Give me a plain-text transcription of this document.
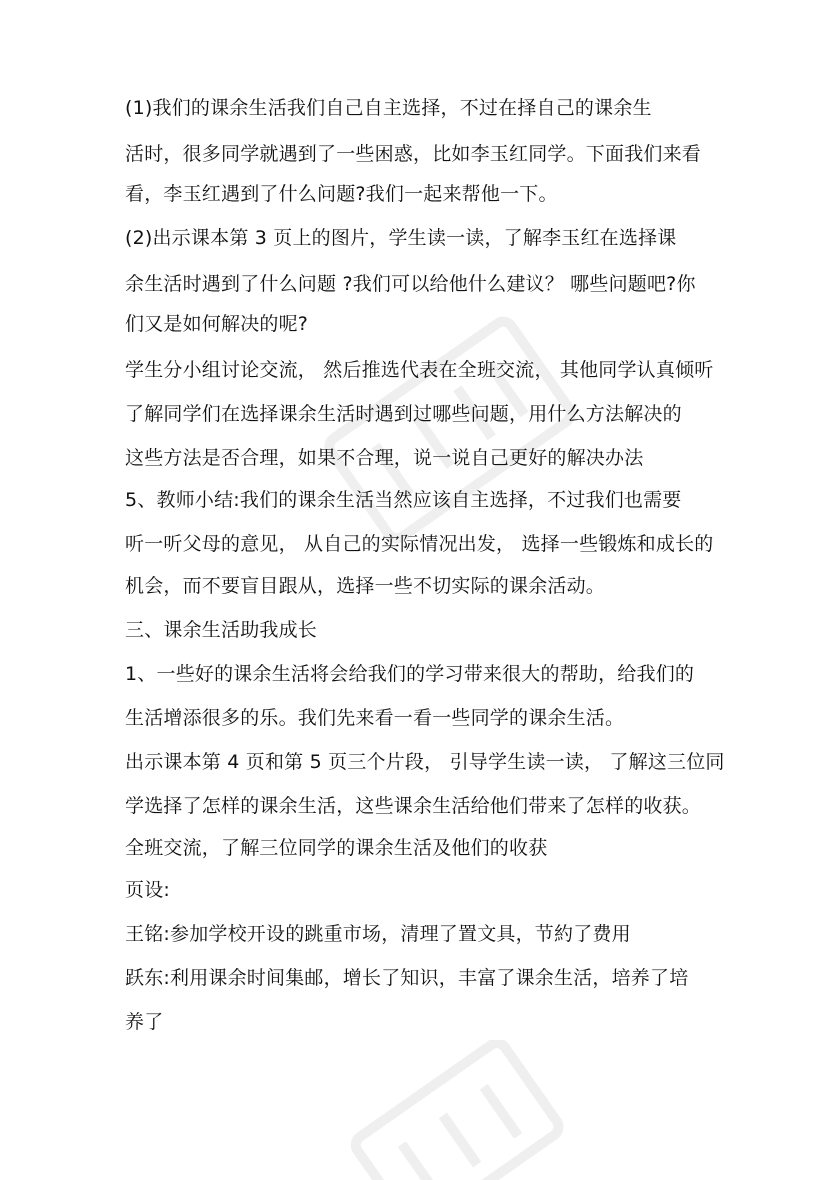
(1)我们的课余生活我们自己自主选择，不过在择自己的课余生
活时，很多同学就遇到了一些困惑，比如李玉红同学。下面我们来看
看，李玉红遇到了什么问题?我们一起来帮他一下。
(2)出示课本第 3 页上的图片，学生读一读，了解李玉红在选择课
余生活时遇到了什么问题 ?我们可以给他什么建议？ 哪些问题吧?你
们又是如何解决的呢?
学生分小组讨论交流， 然后推选代表在全班交流， 其他同学认真倾听
了解同学们在选择课余生活时遇到过哪些问题，用什么方法解决的
这些方法是否合理，如果不合理，说一说自己更好的解决办法
5、教师小结:我们的课余生活当然应该自主选择，不过我们也需要
听一听父母的意见， 从自己的实际情况出发， 选择一些锻炼和成长的
机会，而不要盲目跟从，选择一些不切实际的课余活动。
三、课余生活助我成长
1、一些好的课余生活将会给我们的学习带来很大的帮助，给我们的
生活增添很多的乐。我们先来看一看一些同学的课余生活。
出示课本第 4 页和第 5 页三个片段， 引导学生读一读， 了解这三位同
学选择了怎样的课余生活，这些课余生活给他们带来了怎样的收获。
全班交流，了解三位同学的课余生活及他们的收获
页设:
王铭:参加学校开设的跳重市场，清理了置文具，节約了费用
跃东:利用课余时间集邮，增长了知识，丰富了课余生活，培养了培
养了
